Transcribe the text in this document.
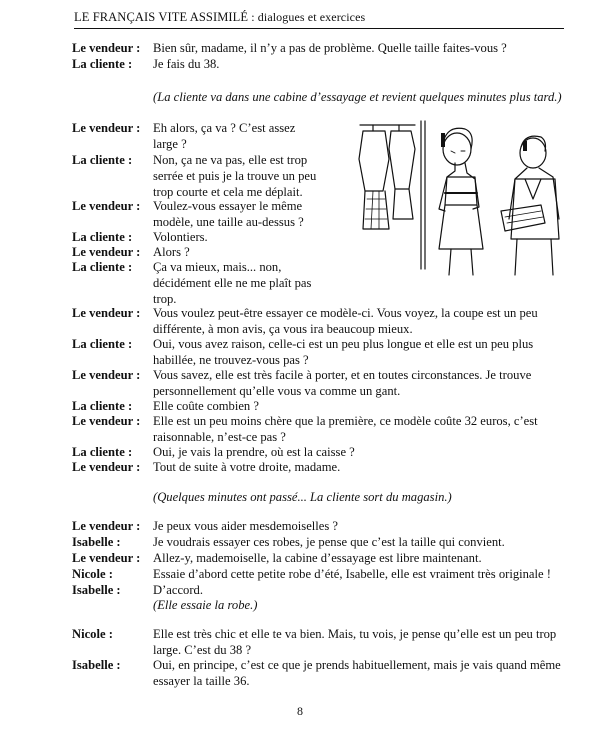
LE FRANÇAIS VITE ASSIMILÉ : dialogues et exercices
Le vendeur : Bien sûr, madame, il n’y a pas de problème. Quelle taille faites-vous ?
La cliente : Je fais du 38.
(La cliente va dans une cabine d’essayage et revient quelques minutes plus tard.)
Le vendeur : Eh alors, ça va ? C’est assez
large ?
La cliente : Non, ça ne va pas, elle est trop
serrée et puis je la trouve un peu
trop courte et cela me déplait.
Le vendeur : Voulez-vous essayer le même
modèle, une taille au-dessus ?
La cliente : Volontiers.
Le vendeur : Alors ?
La cliente : Ça va mieux, mais... non,
décidément elle ne me plaît pas
trop.
Le vendeur : Vous voulez peut-être essayer ce modèle-ci. Vous voyez, la coupe est un peu
différente, à mon avis, ça vous ira beaucoup mieux.
La cliente : Oui, vous avez raison, celle-ci est un peu plus longue et elle est un peu plus
habillée, ne trouvez-vous pas ?
Le vendeur : Vous savez, elle est très facile à porter, et en toutes circonstances. Je trouve
personnellement qu’elle vous va comme un gant.
La cliente : Elle coûte combien ?
Le vendeur : Elle est un peu moins chère que la première, ce modèle coûte 32 euros, c’est
raisonnable, n’est-ce pas ?
La cliente : Oui, je vais la prendre, où est la caisse ?
Le vendeur : Tout de suite à votre droite, madame.
(Quelques minutes ont passé... La cliente sort du magasin.)
Le vendeur : Je peux vous aider mesdemoiselles ?
Isabelle :	Je voudrais essayer ces robes, je pense que c’est la taille qui convient.
Le vendeur : Allez-y, mademoiselle, la cabine d’essayage est libre maintenant.
Nicole :	Essaie d’abord cette petite robe d’été, Isabelle, elle est vraiment très originale !
Isabelle :	D’accord.
(Elle essaie la robe.)
Nicole :	Elle est très chic et elle te va bien. Mais, tu vois, je pense qu’elle est un peu trop
large. C’est du 38 ?
Isabelle :	Oui, en principe, c’est ce que je prends habituellement, mais je vais quand même
essayer la taille 36.
8
